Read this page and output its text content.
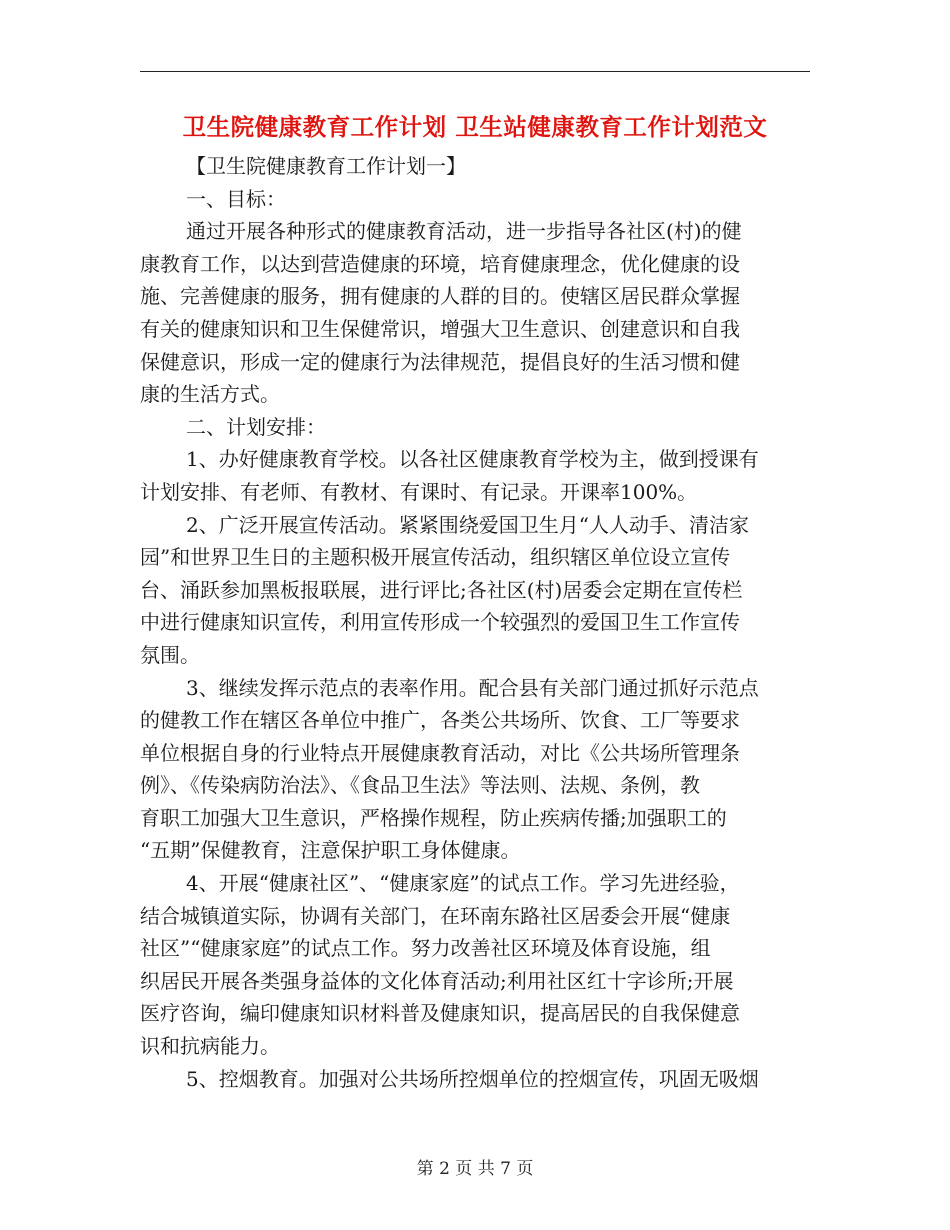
卫生院健康教育工作计划 卫生站健康教育工作计划范文
【卫生院健康教育工作计划一】
一、目标：
通过开展各种形式的健康教育活动，进一步指导各社区(村)的健
康教育工作，以达到营造健康的环境，培育健康理念，优化健康的设
施、完善健康的服务，拥有健康的人群的目的。使辖区居民群众掌握
有关的健康知识和卫生保健常识，增强大卫生意识、创建意识和自我
保健意识，形成一定的健康行为法律规范，提倡良好的生活习惯和健
康的生活方式。
二、计划安排：
1、办好健康教育学校。以各社区健康教育学校为主，做到授课有
计划安排、有老师、有教材、有课时、有记录。开课率100%。
2、广泛开展宣传活动。紧紧围绕爱国卫生月“人人动手、清洁家
园”和世界卫生日的主题积极开展宣传活动，组织辖区单位设立宣传
台、涌跃参加黑板报联展，进行评比;各社区(村)居委会定期在宣传栏
中进行健康知识宣传，利用宣传形成一个较强烈的爱国卫生工作宣传
氛围。
3、继续发挥示范点的表率作用。配合县有关部门通过抓好示范点
的健教工作在辖区各单位中推广，各类公共场所、饮食、工厂等要求
单位根据自身的行业特点开展健康教育活动，对比《公共场所管理条
例》、《传染病防治法》、《食品卫生法》等法则、法规、条例，教
育职工加强大卫生意识，严格操作规程，防止疾病传播;加强职工的
“五期”保健教育，注意保护职工身体健康。
4、开展“健康社区”、“健康家庭”的试点工作。学习先进经验，
结合城镇道实际，协调有关部门，在环南东路社区居委会开展“健康
社区”“健康家庭”的试点工作。努力改善社区环境及体育设施，组
织居民开展各类强身益体的文化体育活动;利用社区红十字诊所;开展
医疗咨询，编印健康知识材料普及健康知识，提高居民的自我保健意
识和抗病能力。
5、控烟教育。加强对公共场所控烟单位的控烟宣传，巩固无吸烟
第 2 页 共 7 页
